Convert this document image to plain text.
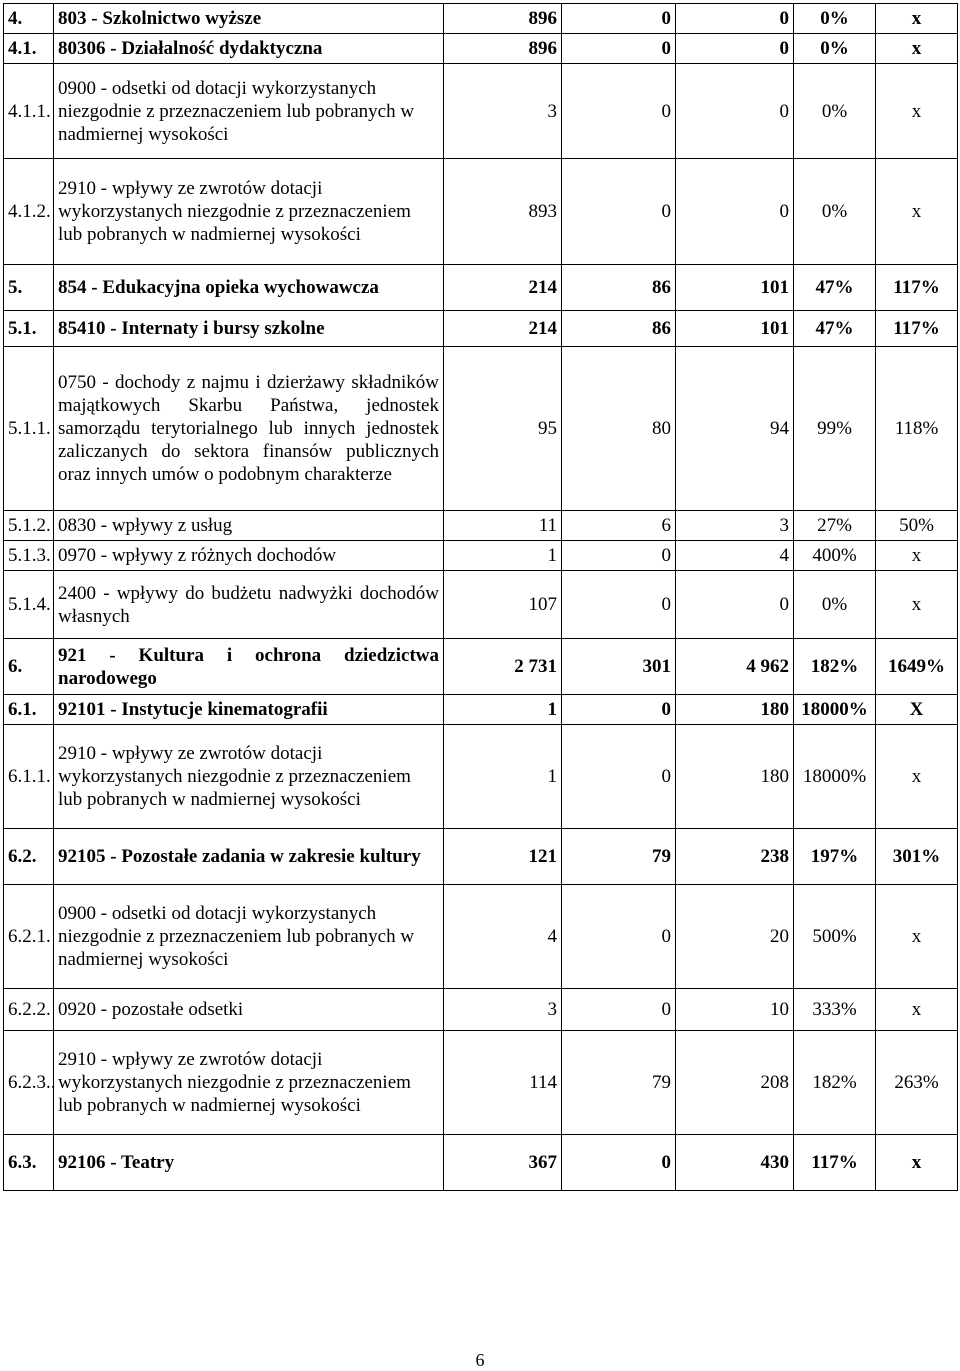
4.	803 - Szkolnictwo wyższe	896	0	0	0%	x
4.1.	80306 - Działalność dydaktyczna	896	0	0	0%	x
4.1.1.	0900 - odsetki od dotacji wykorzystanych niezgodnie z przeznaczeniem lub pobranych w nadmiernej wysokości	3	0	0	0%	x
4.1.2.	2910 - wpływy ze zwrotów dotacji wykorzystanych niezgodnie z przeznaczeniem lub pobranych w nadmiernej wysokości	893	0	0	0%	x
5.	854 - Edukacyjna opieka wychowawcza	214	86	101	47%	117%
5.1.	85410 - Internaty i bursy szkolne	214	86	101	47%	117%
5.1.1.	0750 - dochody z najmu i dzierżawy składników majątkowych Skarbu Państwa, jednostek samorządu terytorialnego lub innych jednostek zaliczanych do sektora finansów publicznych oraz innych umów o podobnym charakterze	95	80	94	99%	118%
5.1.2.	0830 - wpływy z usług	11	6	3	27%	50%
5.1.3.	0970 - wpływy z różnych dochodów	1	0	4	400%	x
5.1.4.	2400 - wpływy do budżetu nadwyżki dochodów własnych	107	0	0	0%	x
6.	921 - Kultura i ochrona dziedzictwa narodowego	2 731	301	4 962	182%	1649%
6.1.	92101 - Instytucje kinematografii	1	0	180	18000%	X
6.1.1.	2910 - wpływy ze zwrotów dotacji wykorzystanych niezgodnie z przeznaczeniem lub pobranych w nadmiernej wysokości	1	0	180	18000%	x
6.2.	92105 - Pozostałe zadania w zakresie kultury	121	79	238	197%	301%
6.2.1.	0900 - odsetki od dotacji wykorzystanych niezgodnie z przeznaczeniem lub pobranych w nadmiernej wysokości	4	0	20	500%	x
6.2.2.	0920 - pozostałe odsetki	3	0	10	333%	x
6.2.3..	2910 - wpływy ze zwrotów dotacji wykorzystanych niezgodnie z przeznaczeniem lub pobranych w nadmiernej wysokości	114	79	208	182%	263%
6.3.	92106 - Teatry	367	0	430	117%	x
6
